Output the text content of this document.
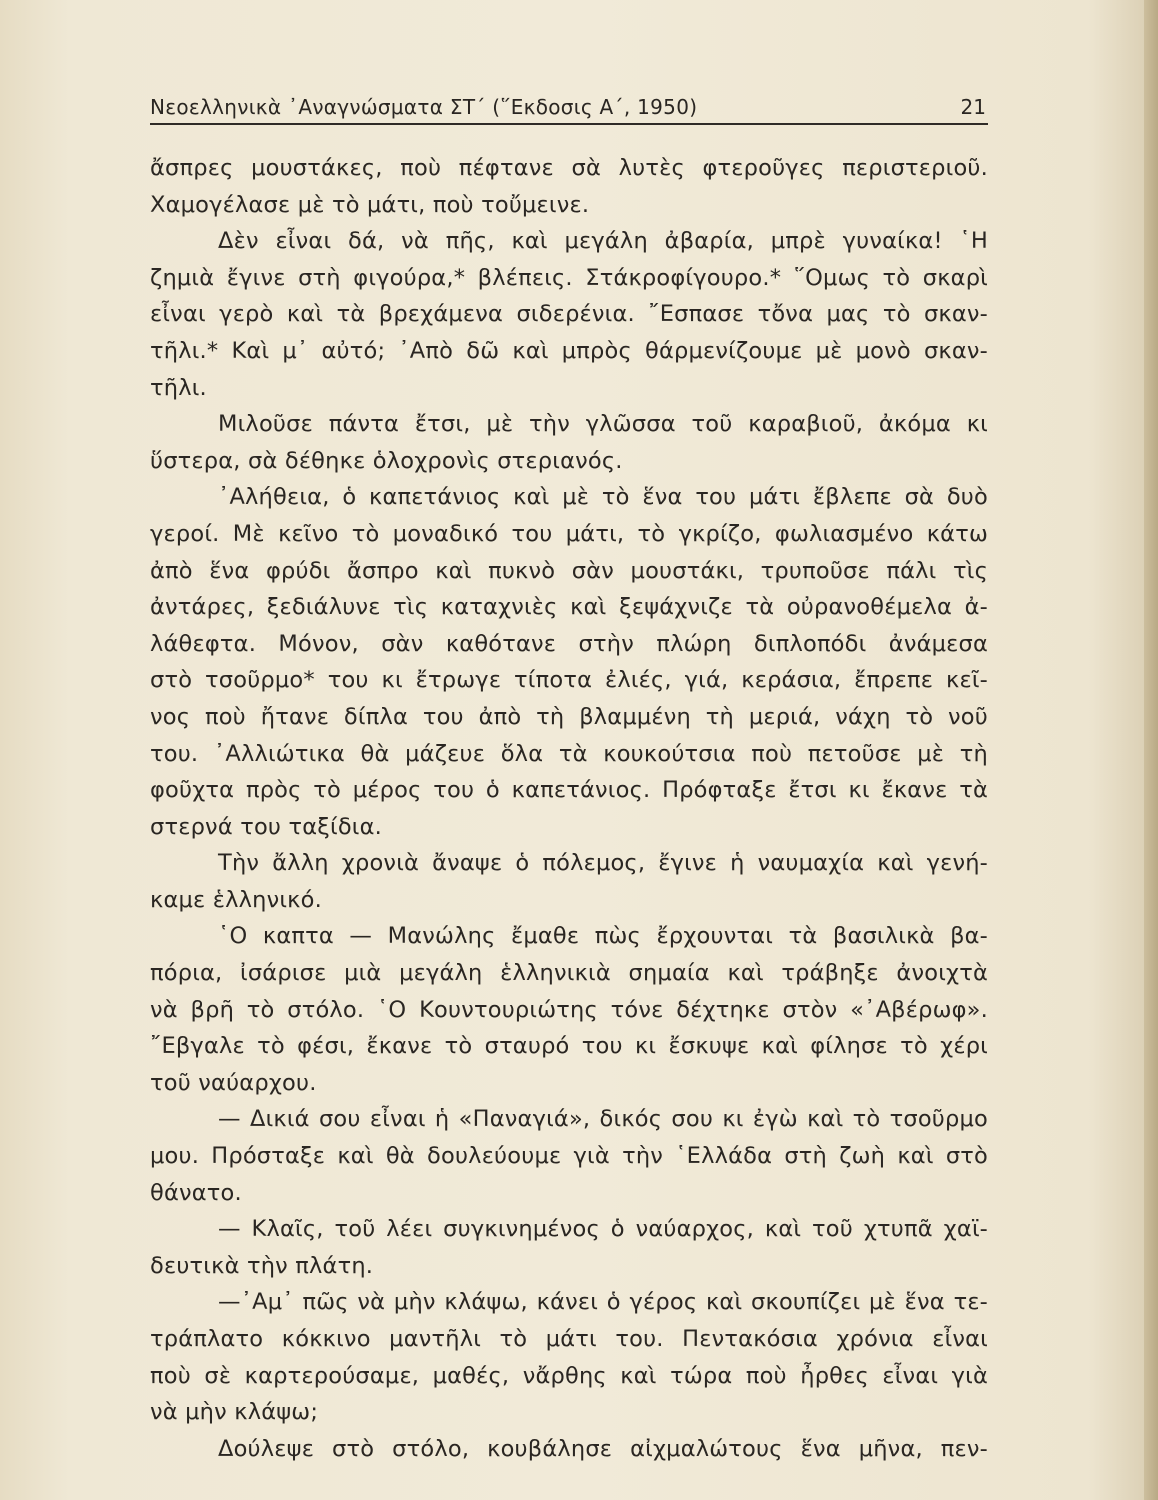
Νεοελληνικὰ ᾿Αναγνώσματα ΣΤ΄ (῞Εκδοσις Α΄, 1950)	21
ἄσπρες μουστάκες, ποὺ πέφτανε σὰ λυτὲς φτεροῦγες περιστεριοῦ.
Χαμογέλασε μὲ τὸ μάτι, ποὺ τοὔμεινε.
Δὲν εἶναι δά, νὰ πῆς, καὶ μεγάλη ἀβαρία, μπρὲ γυναίκα! ῾Η
ζημιὰ ἔγινε στὴ φιγούρα,* βλέπεις. Στάκροφίγουρο.* ῞Ομως τὸ σκαρὶ
εἶναι γερὸ καὶ τὰ βρεχάμενα σιδερένια. ῎Εσπασε τὄνα μας τὸ σκαν-
τῆλι.* Καὶ μ᾿ αὐτό; ᾿Απὸ δῶ καὶ μπρὸς θάρμενίζουμε μὲ μονὸ σκαν-
τῆλι.
Μιλοῦσε πάντα ἔτσι, μὲ τὴν γλῶσσα τοῦ καραβιοῦ, ἀκόμα κι
ὕστερα, σὰ δέθηκε ὁλοχρονὶς στεριανός.
᾿Αλήθεια, ὁ καπετάνιος καὶ μὲ τὸ ἕνα του μάτι ἔβλεπε σὰ δυὸ
γεροί. Μὲ κεῖνο τὸ μοναδικό του μάτι, τὸ γκρίζο, φωλιασμένο κάτω
ἀπὸ ἕνα φρύδι ἄσπρο καὶ πυκνὸ σὰν μουστάκι, τρυποῦσε πάλι τὶς
ἀντάρες, ξεδιάλυνε τὶς καταχνιὲς καὶ ξεψάχνιζε τὰ οὐρανοθέμελα ἀ-
λάθεφτα. Μόνον, σὰν καθότανε στὴν πλώρη διπλοπόδι ἀνάμεσα
στὸ τσοῦρμο* του κι ἔτρωγε τίποτα ἐλιές, γιά, κεράσια, ἔπρεπε κεῖ-
νος ποὺ ἤτανε δίπλα του ἀπὸ τὴ βλαμμένη τὴ μεριά, νάχη τὸ νοῦ
του. ᾿Αλλιώτικα θὰ μάζευε ὅλα τὰ κουκούτσια ποὺ πετοῦσε μὲ τὴ
φοῦχτα πρὸς τὸ μέρος του ὁ καπετάνιος. Πρόφταξε ἔτσι κι ἔκανε τὰ
στερνά του ταξίδια.
Τὴν ἄλλη χρονιὰ ἄναψε ὁ πόλεμος, ἔγινε ἡ ναυμαχία καὶ γενή-
καμε ἑλληνικό.
῾Ο καπτα — Μανώλης ἔμαθε πὼς ἔρχουνται τὰ βασιλικὰ βα-
πόρια, ἰσάρισε μιὰ μεγάλη ἑλληνικιὰ σημαία καὶ τράβηξε ἀνοιχτὰ
νὰ βρῆ τὸ στόλο. ῾Ο Κουντουριώτης τόνε δέχτηκε στὸν «᾿Αβέρωφ».
῎Εβγαλε τὸ φέσι, ἔκανε τὸ σταυρό του κι ἔσκυψε καὶ φίλησε τὸ χέρι
τοῦ ναύαρχου.
— Δικιά σου εἶναι ἡ «Παναγιά», δικός σου κι ἐγὼ καὶ τὸ τσοῦρμο
μου. Πρόσταξε καὶ θὰ δουλεύουμε γιὰ τὴν ῾Ελλάδα στὴ ζωὴ καὶ στὸ
θάνατο.
— Κλαῖς, τοῦ λέει συγκινημένος ὁ ναύαρχος, καὶ τοῦ χτυπᾶ χαϊ-
δευτικὰ τὴν πλάτη.
—᾿Αμ᾿ πῶς νὰ μὴν κλάψω, κάνει ὁ γέρος καὶ σκουπίζει μὲ ἕνα τε-
τράπλατο κόκκινο μαντῆλι τὸ μάτι του. Πεντακόσια χρόνια εἶναι
ποὺ σὲ καρτερούσαμε, μαθές, νἄρθης καὶ τώρα ποὺ ἦρθες εἶναι γιὰ
νὰ μὴν κλάψω;
Δούλεψε στὸ στόλο, κουβάλησε αἰχμαλώτους ἕνα μῆνα, πεν-
